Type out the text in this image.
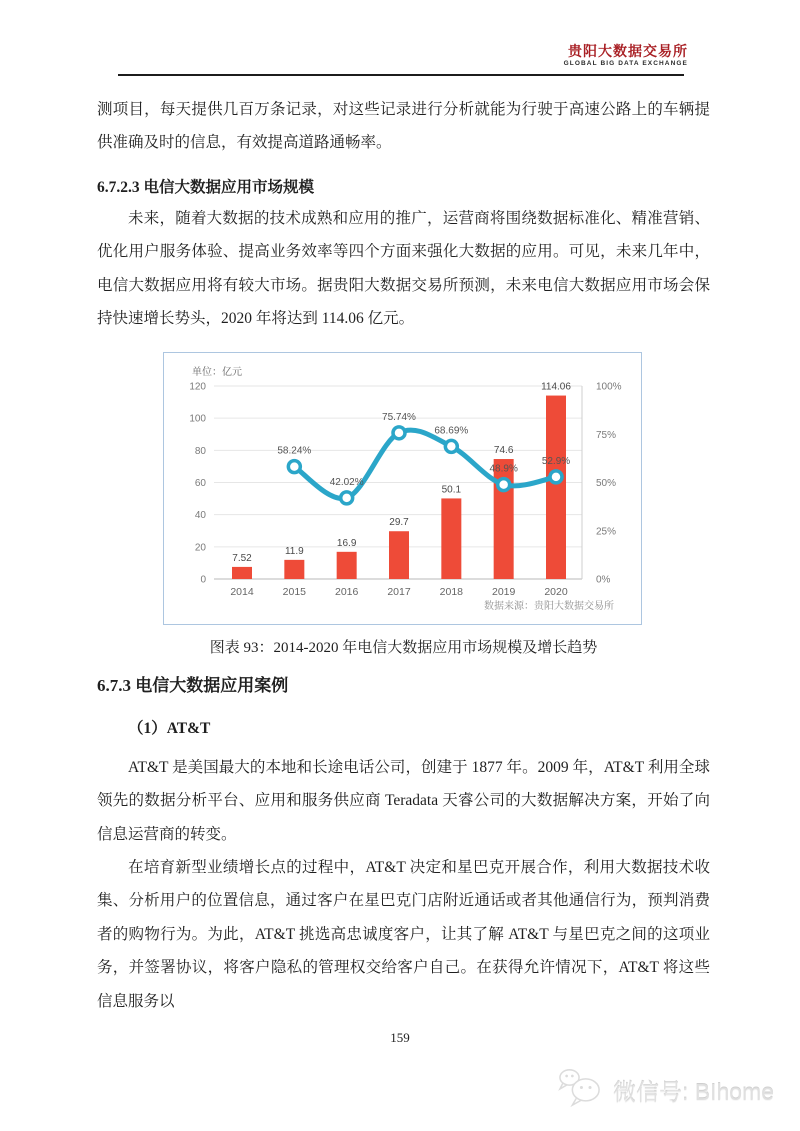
贵阳大数据交易所
GLOBAL BIG DATA EXCHANGE
测项目，每天提供几百万条记录，对这些记录进行分析就能为行驶于高速公路上的车辆提供准确及时的信息，有效提高道路通畅率。
6.7.2.3 电信大数据应用市场规模
未来，随着大数据的技术成熟和应用的推广，运营商将围绕数据标准化、精准营销、优化用户服务体验、提高业务效率等四个方面来强化大数据的应用。可见，未来几年中，电信大数据应用将有较大市场。据贵阳大数据交易所预测，未来电信大数据应用市场会保持快速增长势头，2020 年将达到 114.06 亿元。
单位：亿元
0
20
40
60
80
100
120
0%
25%
50%
75%
100%
2014	2015	2016	2017	2018	2019	2020
7.52
11.9
16.9
29.7
50.1
74.6
114.06
58.24%
42.02%
75.74%
68.69%
48.9%
52.9%
数据来源：贵阳大数据交易所
图表 93：2014-2020 年电信大数据应用市场规模及增长趋势
6.7.3 电信大数据应用案例
（1）AT&T
AT&T 是美国最大的本地和长途电话公司，创建于 1877 年。2009 年，AT&T 利用全球领先的数据分析平台、应用和服务供应商 Teradata 天睿公司的大数据解决方案，开始了向信息运营商的转变。
在培育新型业绩增长点的过程中，AT&T 决定和星巴克开展合作，利用大数据技术收集、分析用户的位置信息，通过客户在星巴克门店附近通话或者其他通信行为，预判消费者的购物行为。为此，AT&T 挑选高忠诚度客户，让其了解 AT&T 与星巴克之间的这项业务，并签署协议，将客户隐私的管理权交给客户自己。在获得允许情况下，AT&T 将这些信息服务以
159
微信号: BIhome
